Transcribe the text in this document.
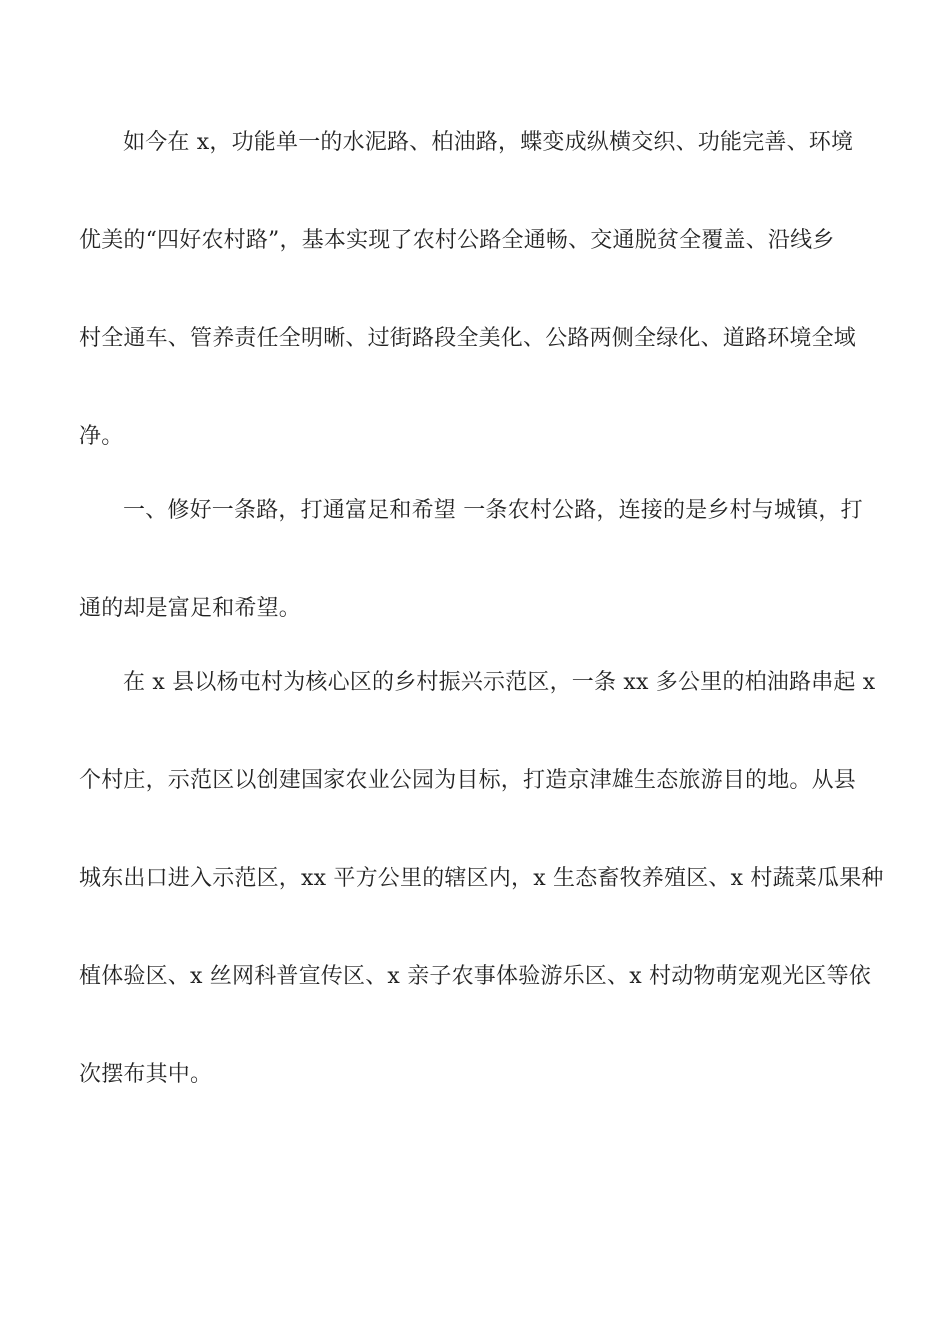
如今在 x，功能单一的水泥路、柏油路，蝶变成纵横交织、功能完善、环境
优美的“四好农村路”，基本实现了农村公路全通畅、交通脱贫全覆盖、沿线乡
村全通车、管养责任全明晰、过街路段全美化、公路两侧全绿化、道路环境全域
净。
一、修好一条路，打通富足和希望 一条农村公路，连接的是乡村与城镇，打
通的却是富足和希望。
在 x 县以杨屯村为核心区的乡村振兴示范区，一条 xx 多公里的柏油路串起 x
个村庄，示范区以创建国家农业公园为目标，打造京津雄生态旅游目的地。从县
城东出口进入示范区，xx 平方公里的辖区内，x 生态畜牧养殖区、x 村蔬菜瓜果种
植体验区、x 丝网科普宣传区、x 亲子农事体验游乐区、x 村动物萌宠观光区等依
次摆布其中。
